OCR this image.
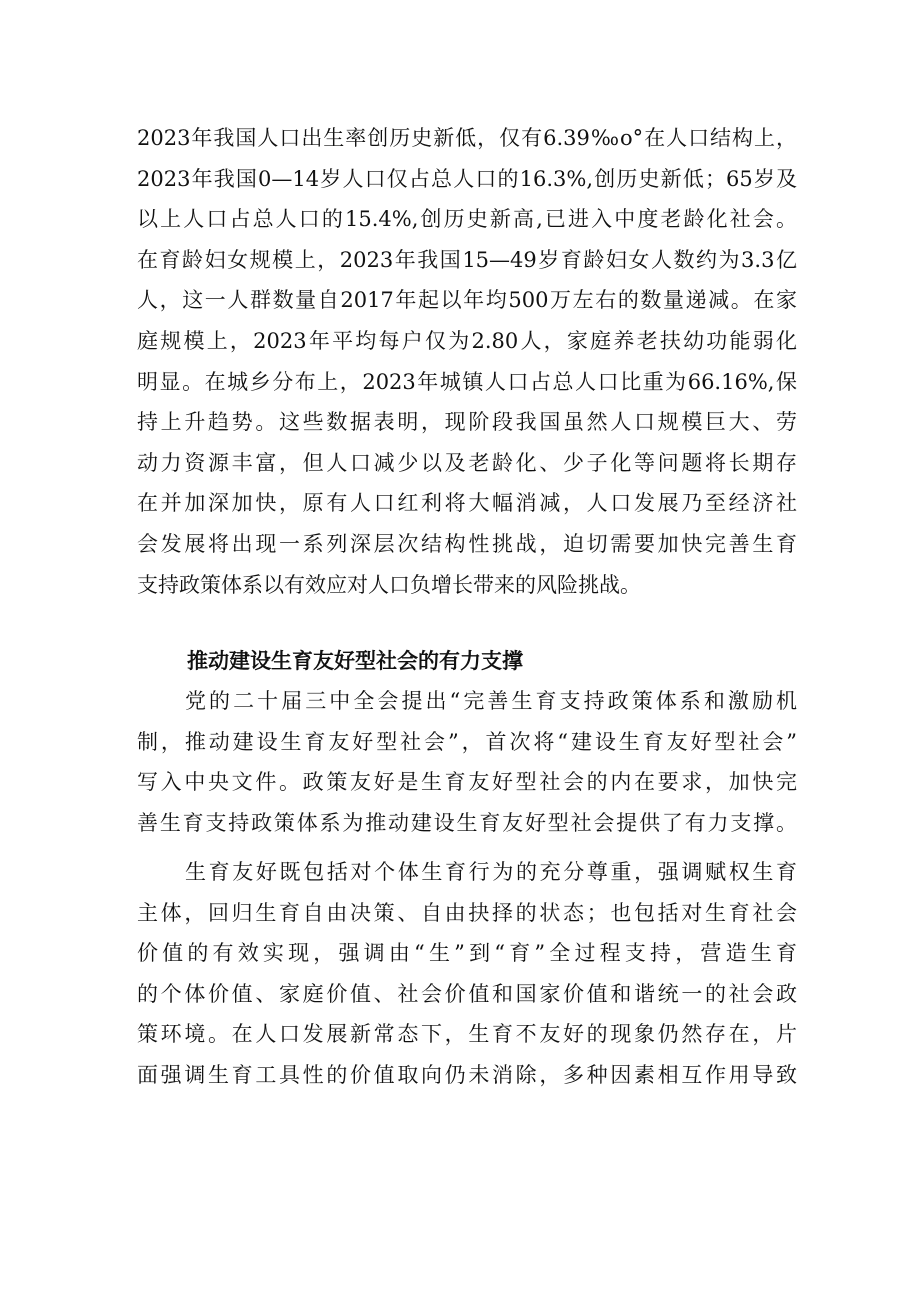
2023年我国人口出生率创历史新低，仅有6.39‰o°在人口结构上，
2023年我国0—14岁人口仅占总人口的16.3%,创历史新低；65岁及
以上人口占总人口的15.4%,创历史新高,已进入中度老龄化社会。
在育龄妇女规模上，2023年我国15—49岁育龄妇女人数约为3.3亿
人，这一人群数量自2017年起以年均500万左右的数量递减。在家
庭规模上，2023年平均每户仅为2.80人，家庭养老扶幼功能弱化
明显。在城乡分布上，2023年城镇人口占总人口比重为66.16%,保
持上升趋势。这些数据表明，现阶段我国虽然人口规模巨大、劳
动力资源丰富，但人口减少以及老龄化、少子化等问题将长期存
在并加深加快，原有人口红利将大幅消减，人口发展乃至经济社
会发展将出现一系列深层次结构性挑战，迫切需要加快完善生育
支持政策体系以有效应对人口负增长带来的风险挑战。
推动建设生育友好型社会的有力支撑
党的二十届三中全会提出“完善生育支持政策体系和激励机
制，推动建设生育友好型社会”，首次将“建设生育友好型社会”
写入中央文件。政策友好是生育友好型社会的内在要求，加快完
善生育支持政策体系为推动建设生育友好型社会提供了有力支撑。
生育友好既包括对个体生育行为的充分尊重，强调赋权生育
主体，回归生育自由决策、自由抉择的状态；也包括对生育社会
价值的有效实现，强调由“生”到“育”全过程支持，营造生育
的个体价值、家庭价值、社会价值和国家价值和谐统一的社会政
策环境。在人口发展新常态下，生育不友好的现象仍然存在，片
面强调生育工具性的价值取向仍未消除，多种因素相互作用导致
